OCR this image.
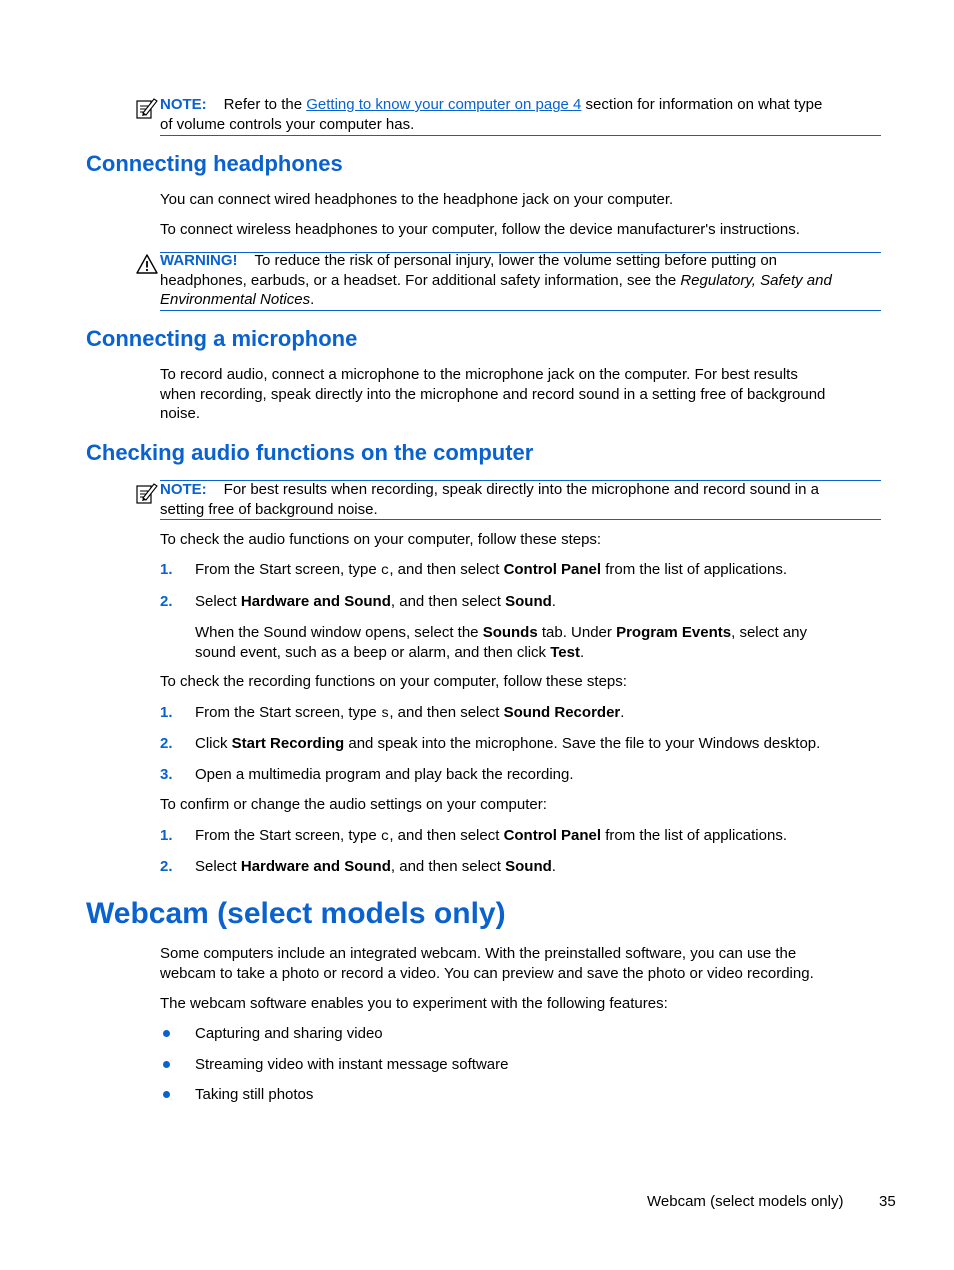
NOTE: Refer to the Getting to know your computer on page 4 section for information on what type
of volume controls your computer has.
Connecting headphones
You can connect wired headphones to the headphone jack on your computer.
To connect wireless headphones to your computer, follow the device manufacturer's instructions.
WARNING! To reduce the risk of personal injury, lower the volume setting before putting on
headphones, earbuds, or a headset. For additional safety information, see the Regulatory, Safety and
Environmental Notices.
Connecting a microphone
To record audio, connect a microphone to the microphone jack on the computer. For best results
when recording, speak directly into the microphone and record sound in a setting free of background
noise.
Checking audio functions on the computer
NOTE: For best results when recording, speak directly into the microphone and record sound in a
setting free of background noise.
To check the audio functions on your computer, follow these steps:
1. From the Start screen, type c, and then select Control Panel from the list of applications.
2. Select Hardware and Sound, and then select Sound.
When the Sound window opens, select the Sounds tab. Under Program Events, select any
sound event, such as a beep or alarm, and then click Test.
To check the recording functions on your computer, follow these steps:
1. From the Start screen, type s, and then select Sound Recorder.
2. Click Start Recording and speak into the microphone. Save the file to your Windows desktop.
3. Open a multimedia program and play back the recording.
To confirm or change the audio settings on your computer:
1. From the Start screen, type c, and then select Control Panel from the list of applications.
2. Select Hardware and Sound, and then select Sound.
Webcam (select models only)
Some computers include an integrated webcam. With the preinstalled software, you can use the
webcam to take a photo or record a video. You can preview and save the photo or video recording.
The webcam software enables you to experiment with the following features:
Capturing and sharing video
Streaming video with instant message software
Taking still photos
Webcam (select models only) 35
